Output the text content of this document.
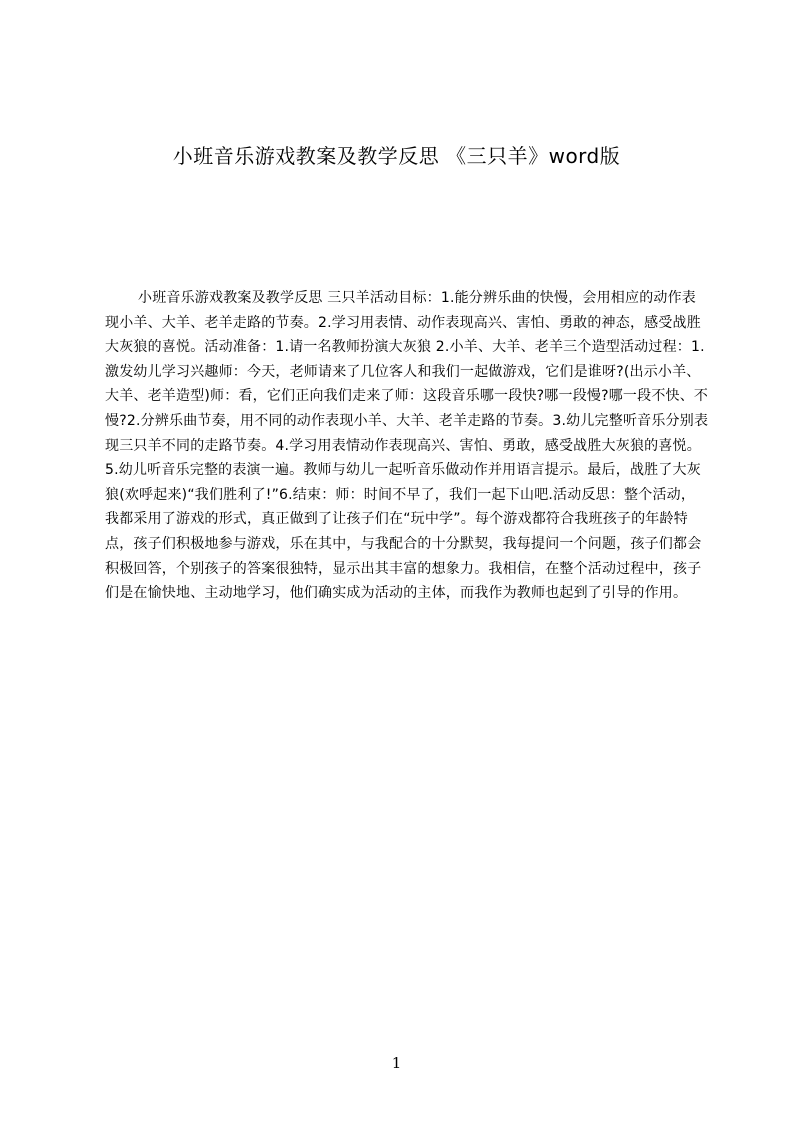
小班音乐游戏教案及教学反思 《三只羊》word版

小班音乐游戏教案及教学反思 三只羊活动目标：1.能分辨乐曲的快慢，会用相应的动作表现小羊、大羊、老羊走路的节奏。2.学习用表情、动作表现高兴、害怕、勇敢的神态，感受战胜大灰狼的喜悦。活动准备：1.请一名教师扮演大灰狼 2.小羊、大羊、老羊三个造型活动过程：1.激发幼儿学习兴趣师：今天，老师请来了几位客人和我们一起做游戏，它们是谁呀?(出示小羊、大羊、老羊造型)师：看，它们正向我们走来了师：这段音乐哪一段快?哪一段慢?哪一段不快、不慢?2.分辨乐曲节奏，用不同的动作表现小羊、大羊、老羊走路的节奏。3.幼儿完整听音乐分别表现三只羊不同的走路节奏。4.学习用表情动作表现高兴、害怕、勇敢，感受战胜大灰狼的喜悦。5.幼儿听音乐完整的表演一遍。教师与幼儿一起听音乐做动作并用语言提示。最后，战胜了大灰狼(欢呼起来)“我们胜利了!”6.结束：师：时间不早了，我们一起下山吧.活动反思：整个活动，我都采用了游戏的形式，真正做到了让孩子们在“玩中学”。每个游戏都符合我班孩子的年龄特点，孩子们积极地参与游戏，乐在其中，与我配合的十分默契，我每提问一个问题，孩子们都会积极回答，个别孩子的答案很独特，显示出其丰富的想象力。我相信，在整个活动过程中，孩子们是在愉快地、主动地学习，他们确实成为活动的主体，而我作为教师也起到了引导的作用。

1
